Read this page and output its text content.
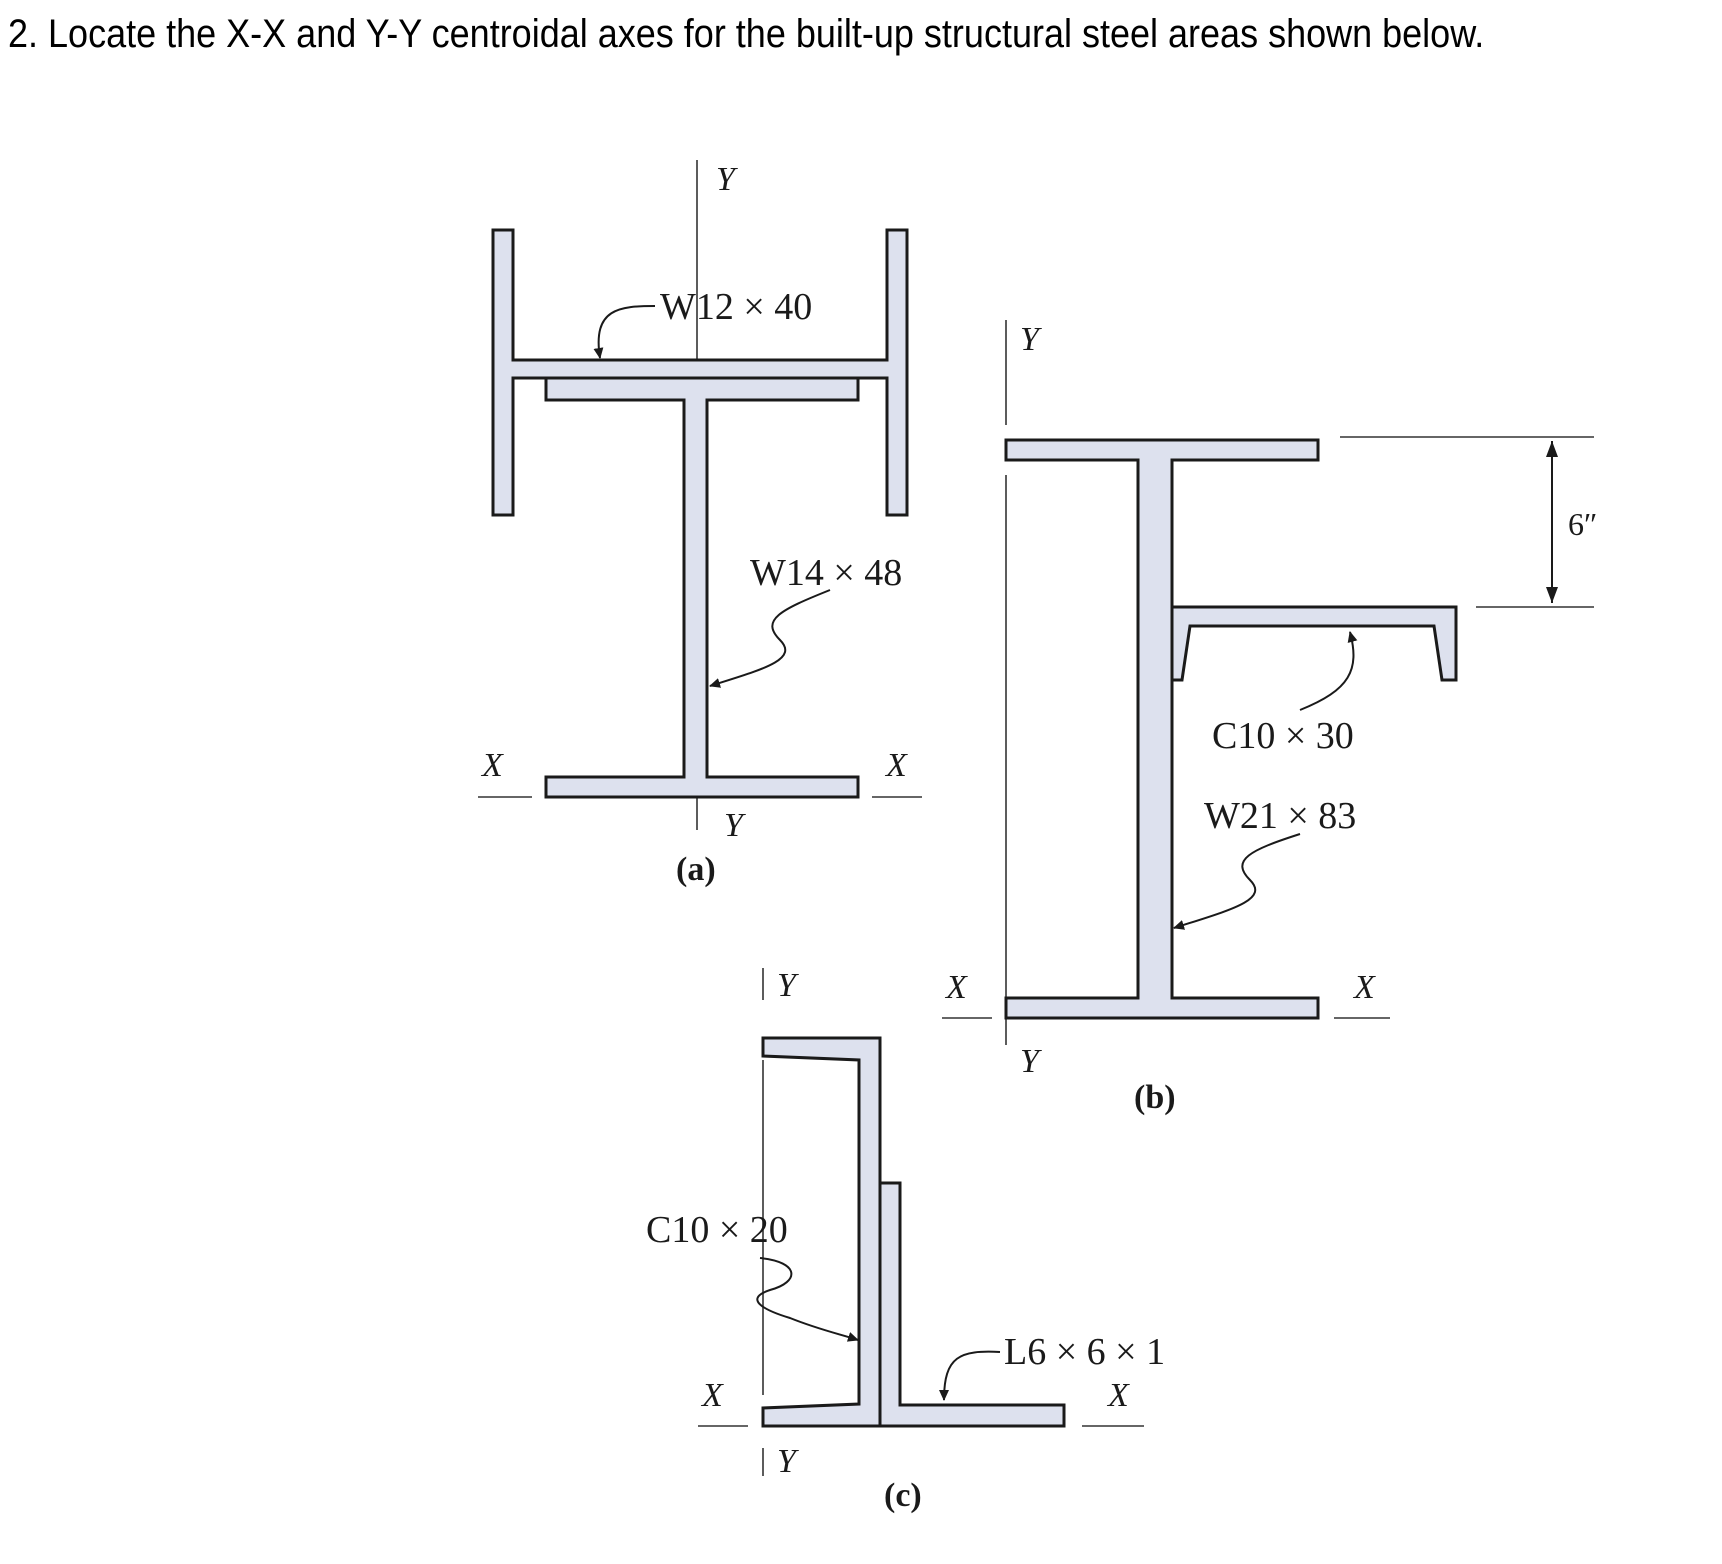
2. Locate the X-X and Y-Y centroidal axes for the built-up structural steel areas shown below.
Y
Y
X	X
W12 × 40
W14 × 48
(a)
Y
Y
X	X
6″
C10 × 30
W21 × 83
(b)
Y
Y
X	X
C10 × 20
L6 × 6 × 1
(c)
